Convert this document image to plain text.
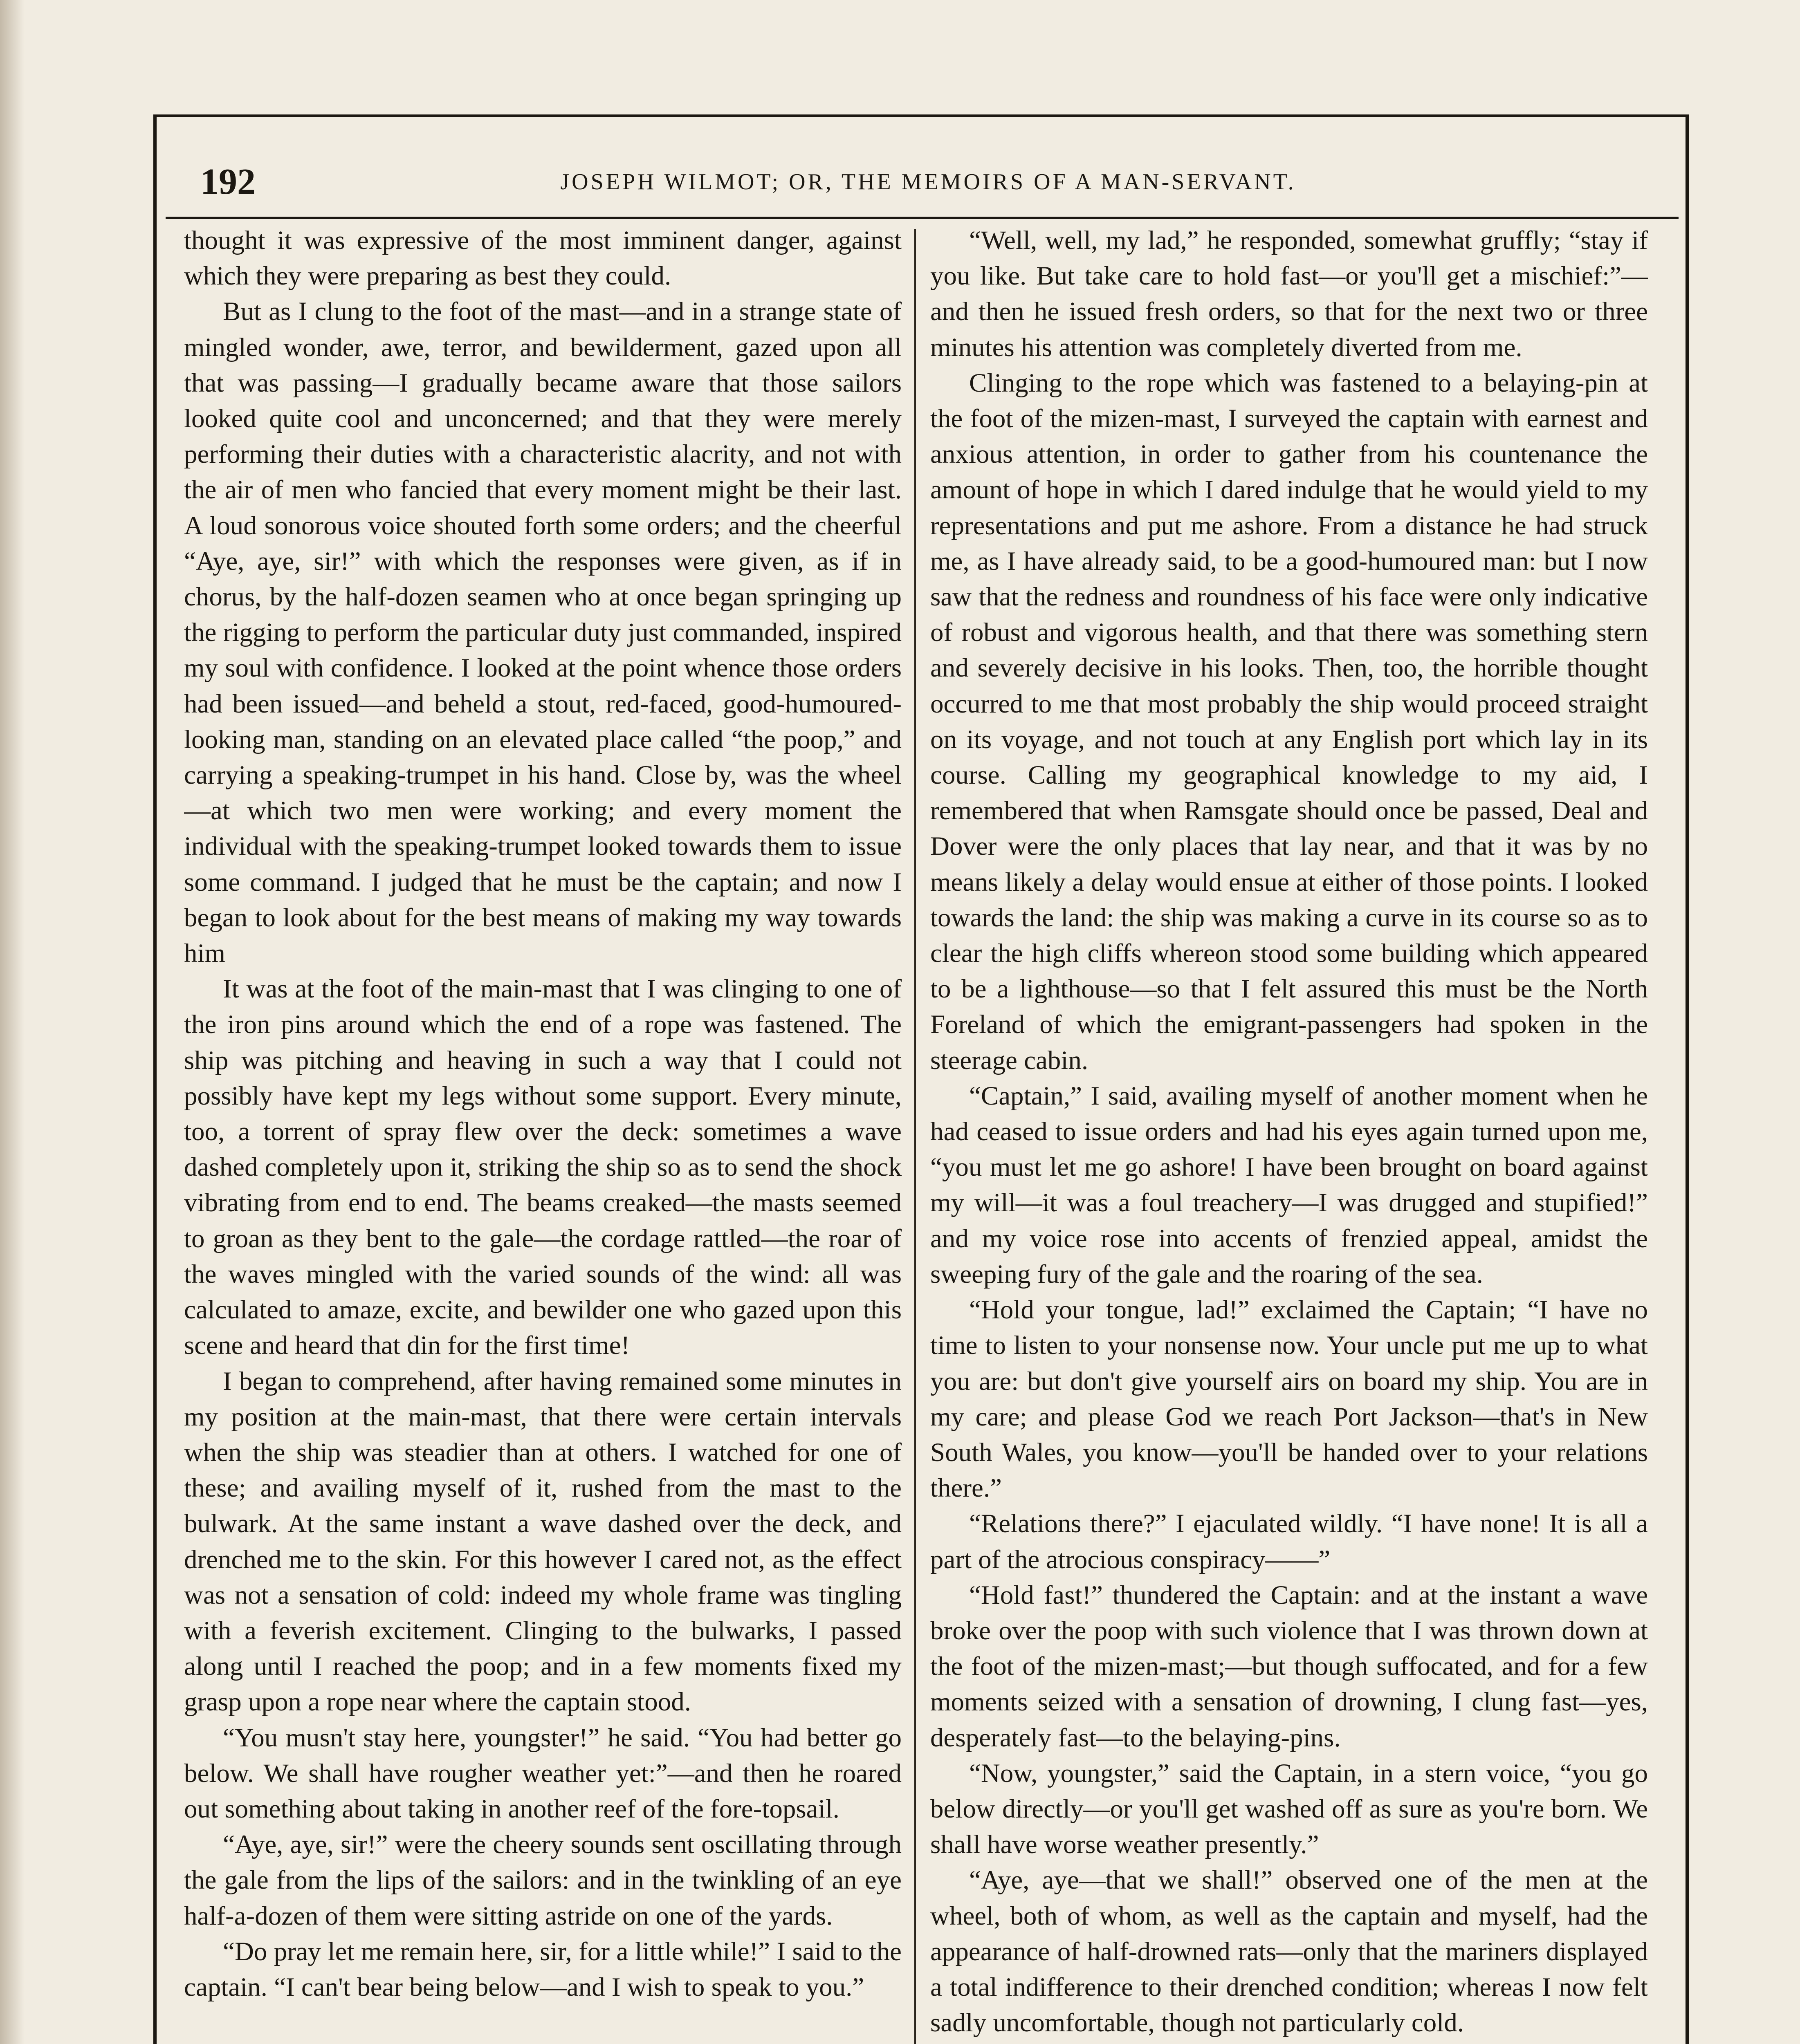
192	JOSEPH WILMOT; OR, THE MEMOIRS OF A MAN-SERVANT.

thought it was expressive of the most imminent danger, against which they were preparing as best they could.

But as I clung to the foot of the mast—and in a strange state of mingled wonder, awe, terror, and bewilderment, gazed upon all that was passing—I gradually became aware that those sailors looked quite cool and unconcerned; and that they were merely performing their duties with a characteristic alacrity, and not with the air of men who fancied that every moment might be their last. A loud sonorous voice shouted forth some orders; and the cheerful “Aye, aye, sir!” with which the responses were given, as if in chorus, by the half-dozen seamen who at once began springing up the rigging to perform the particular duty just commanded, inspired my soul with confidence. I looked at the point whence those orders had been issued—and beheld a stout, red-faced, good-humoured-looking man, standing on an elevated place called “the poop,” and carrying a speaking-trumpet in his hand. Close by, was the wheel—at which two men were working; and every moment the individual with the speaking-trumpet looked towards them to issue some command. I judged that he must be the captain; and now I began to look about for the best means of making my way towards him

It was at the foot of the main-mast that I was clinging to one of the iron pins around which the end of a rope was fastened. The ship was pitching and heaving in such a way that I could not possibly have kept my legs without some support. Every minute, too, a torrent of spray flew over the deck: sometimes a wave dashed completely upon it, striking the ship so as to send the shock vibrating from end to end. The beams creaked—the masts seemed to groan as they bent to the gale—the cordage rattled—the roar of the waves mingled with the varied sounds of the wind: all was calculated to amaze, excite, and bewilder one who gazed upon this scene and heard that din for the first time!

I began to comprehend, after having remained some minutes in my position at the main-mast, that there were certain intervals when the ship was steadier than at others. I watched for one of these; and availing myself of it, rushed from the mast to the bulwark. At the same instant a wave dashed over the deck, and drenched me to the skin. For this however I cared not, as the effect was not a sensation of cold: indeed my whole frame was tingling with a feverish excitement. Clinging to the bulwarks, I passed along until I reached the poop; and in a few moments fixed my grasp upon a rope near where the captain stood.

“You musn't stay here, youngster!” he said. “You had better go below. We shall have rougher weather yet:”—and then he roared out something about taking in another reef of the fore-topsail.

“Aye, aye, sir!” were the cheery sounds sent oscillating through the gale from the lips of the sailors: and in the twinkling of an eye half-a-dozen of them were sitting astride on one of the yards.

“Do pray let me remain here, sir, for a little while!” I said to the captain. “I can't bear being below—and I wish to speak to you.”

“Well, well, my lad,” he responded, somewhat gruffly; “stay if you like. But take care to hold fast—or you'll get a mischief:”—and then he issued fresh orders, so that for the next two or three minutes his attention was completely diverted from me.

Clinging to the rope which was fastened to a belaying-pin at the foot of the mizen-mast, I surveyed the captain with earnest and anxious attention, in order to gather from his countenance the amount of hope in which I dared indulge that he would yield to my representations and put me ashore. From a distance he had struck me, as I have already said, to be a good-humoured man: but I now saw that the redness and roundness of his face were only indicative of robust and vigorous health, and that there was something stern and severely decisive in his looks. Then, too, the horrible thought occurred to me that most probably the ship would proceed straight on its voyage, and not touch at any English port which lay in its course. Calling my geographical knowledge to my aid, I remembered that when Ramsgate should once be passed, Deal and Dover were the only places that lay near, and that it was by no means likely a delay would ensue at either of those points. I looked towards the land: the ship was making a curve in its course so as to clear the high cliffs whereon stood some building which appeared to be a lighthouse—so that I felt assured this must be the North Foreland of which the emigrant-passengers had spoken in the steerage cabin.

“Captain,” I said, availing myself of another moment when he had ceased to issue orders and had his eyes again turned upon me, “you must let me go ashore! I have been brought on board against my will—it was a foul treachery—I was drugged and stupified!” and my voice rose into accents of frenzied appeal, amidst the sweeping fury of the gale and the roaring of the sea.

“Hold your tongue, lad!” exclaimed the Captain; “I have no time to listen to your nonsense now. Your uncle put me up to what you are: but don't give yourself airs on board my ship. You are in my care; and please God we reach Port Jackson—that's in New South Wales, you know—you'll be handed over to your relations there.”

“Relations there?” I ejaculated wildly. “I have none! It is all a part of the atrocious conspiracy——”

“Hold fast!” thundered the Captain: and at the instant a wave broke over the poop with such violence that I was thrown down at the foot of the mizen-mast;—but though suffocated, and for a few moments seized with a sensation of drowning, I clung fast—yes, desperately fast—to the belaying-pins.

“Now, youngster,” said the Captain, in a stern voice, “you go below directly—or you'll get washed off as sure as you're born. We shall have worse weather presently.”

“Aye, aye—that we shall!” observed one of the men at the wheel, both of whom, as well as the captain and myself, had the appearance of half-drowned rats—only that the mariners displayed a total indifference to their drenched condition; whereas I now felt sadly uncomfortable, though not particularly cold.
